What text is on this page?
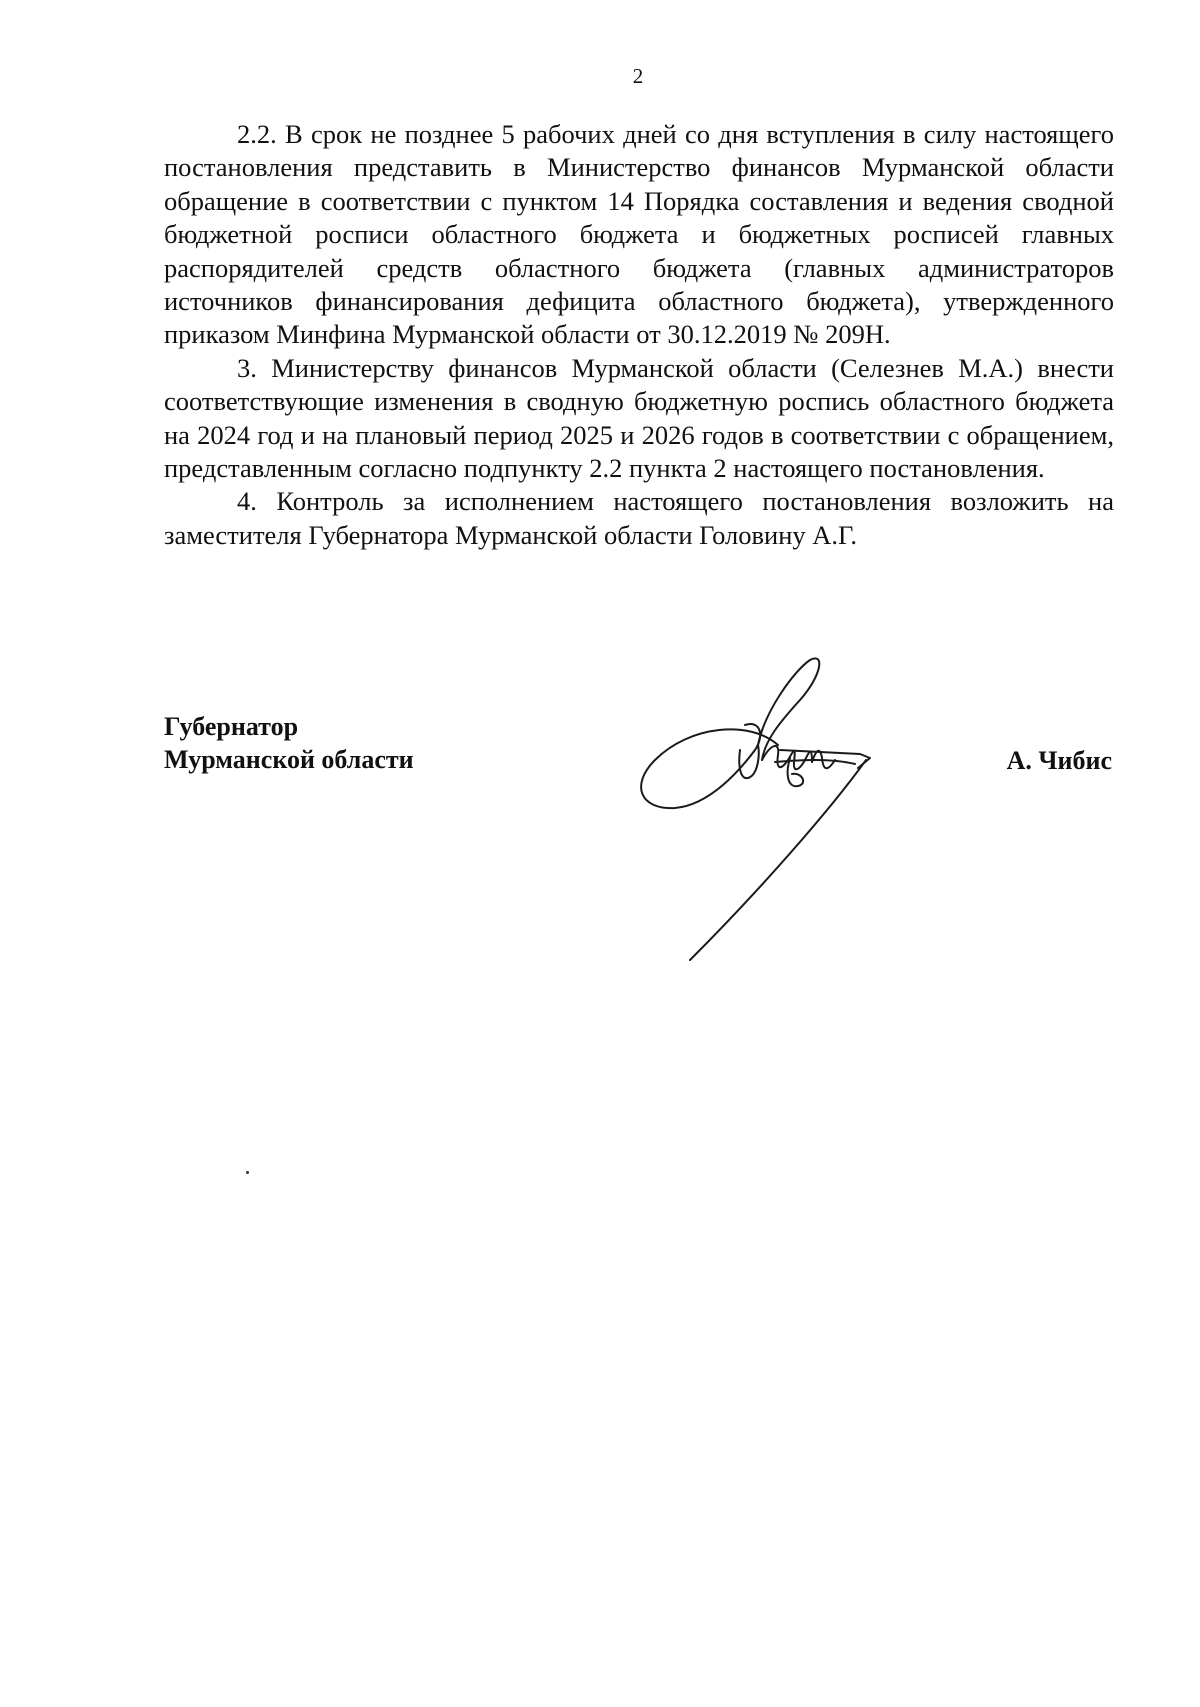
2

2.2. В срок не позднее 5 рабочих дней со дня вступления в силу настоящего постановления представить в Министерство финансов Мурманской области обращение в соответствии с пунктом 14 Порядка составления и ведения сводной бюджетной росписи областного бюджета и бюджетных росписей главных распорядителей средств областного бюджета (главных администраторов источников финансирования дефицита областного бюджета), утвержденного приказом Минфина Мурманской области от 30.12.2019 № 209Н.

3. Министерству финансов Мурманской области (Селезнев М.А.) внести соответствующие изменения в сводную бюджетную роспись областного бюджета на 2024 год и на плановый период 2025 и 2026 годов в соответствии с обращением, представленным согласно подпункту 2.2 пункта 2 настоящего постановления.

4. Контроль за исполнением настоящего постановления возложить на заместителя Губернатора Мурманской области Головину А.Г.

Губернатор
Мурманской области	А. Чибис
